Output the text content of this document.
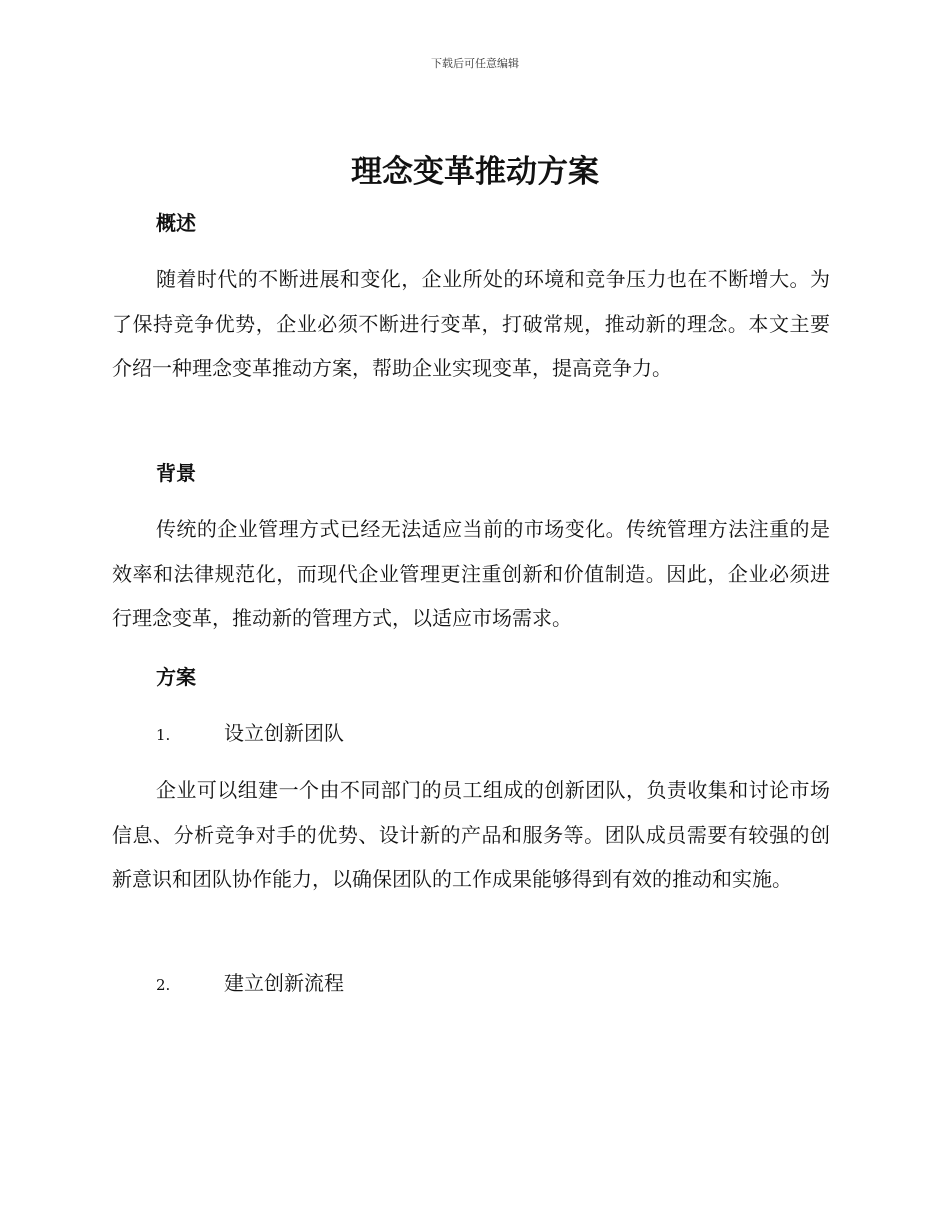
下载后可任意编辑
理念变革推动方案
概述

随着时代的不断进展和变化，企业所处的环境和竞争压力也在不断增大。为了保持竞争优势，企业必须不断进行变革，打破常规，推动新的理念。本文主要介绍一种理念变革推动方案，帮助企业实现变革，提高竞争力。

背景

传统的企业管理方式已经无法适应当前的市场变化。传统管理方法注重的是效率和法律规范化，而现代企业管理更注重创新和价值制造。因此，企业必须进行理念变革，推动新的管理方式，以适应市场需求。

方案
1.	设立创新团队

企业可以组建一个由不同部门的员工组成的创新团队，负责收集和讨论市场信息、分析竞争对手的优势、设计新的产品和服务等。团队成员需要有较强的创新意识和团队协作能力，以确保团队的工作成果能够得到有效的推动和实施。

2.	建立创新流程
